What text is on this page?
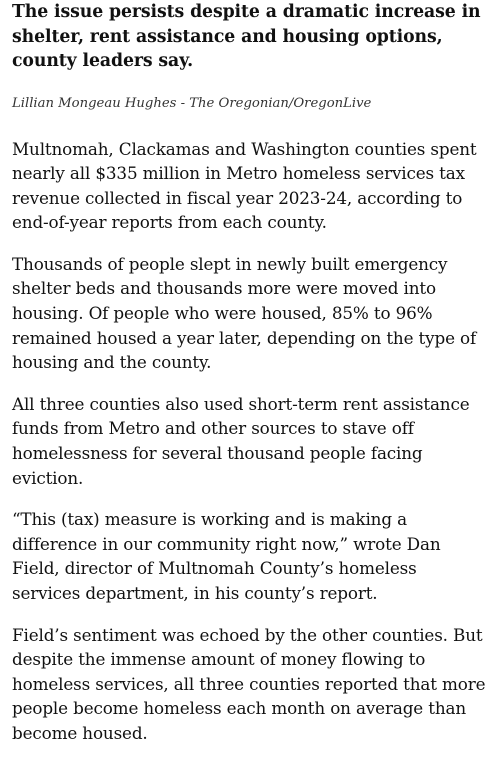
The issue persists despite a dramatic increase in shelter, rent assistance and housing options, county leaders say.
Lillian Mongeau Hughes - The Oregonian/OregonLive

Multnomah, Clackamas and Washington counties spent nearly all $335 million in Metro homeless services tax revenue collected in fiscal year 2023-24, according to end-of-year reports from each county.

Thousands of people slept in newly built emergency shelter beds and thousands more were moved into housing. Of people who were housed, 85% to 96% remained housed a year later, depending on the type of housing and the county.

All three counties also used short-term rent assistance funds from Metro and other sources to stave off homelessness for several thousand people facing eviction.

“This (tax) measure is working and is making a difference in our community right now,” wrote Dan Field, director of Multnomah County’s homeless services department, in his county’s report.

Field’s sentiment was echoed by the other counties. But despite the immense amount of money flowing to homeless services, all three counties reported that more people become homeless each month on average than become housed.
